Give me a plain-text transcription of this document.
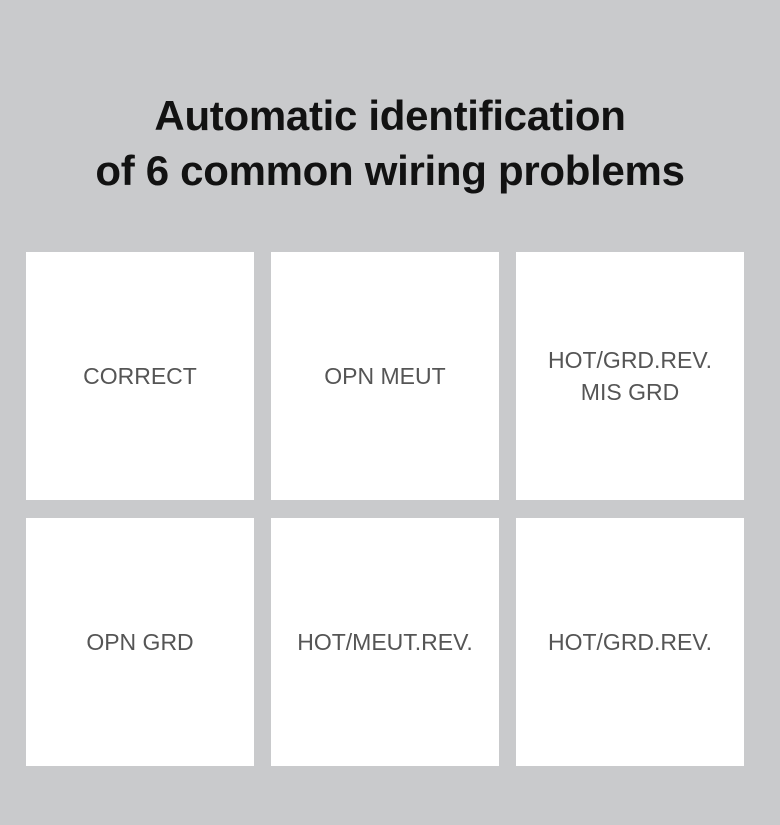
Automatic identification
of 6 common wiring problems
CORRECT	OPN MEUT
HOT/GRD.REV.
MIS GRD
OPN GRD	HOT/MEUT.REV.	HOT/GRD.REV.
